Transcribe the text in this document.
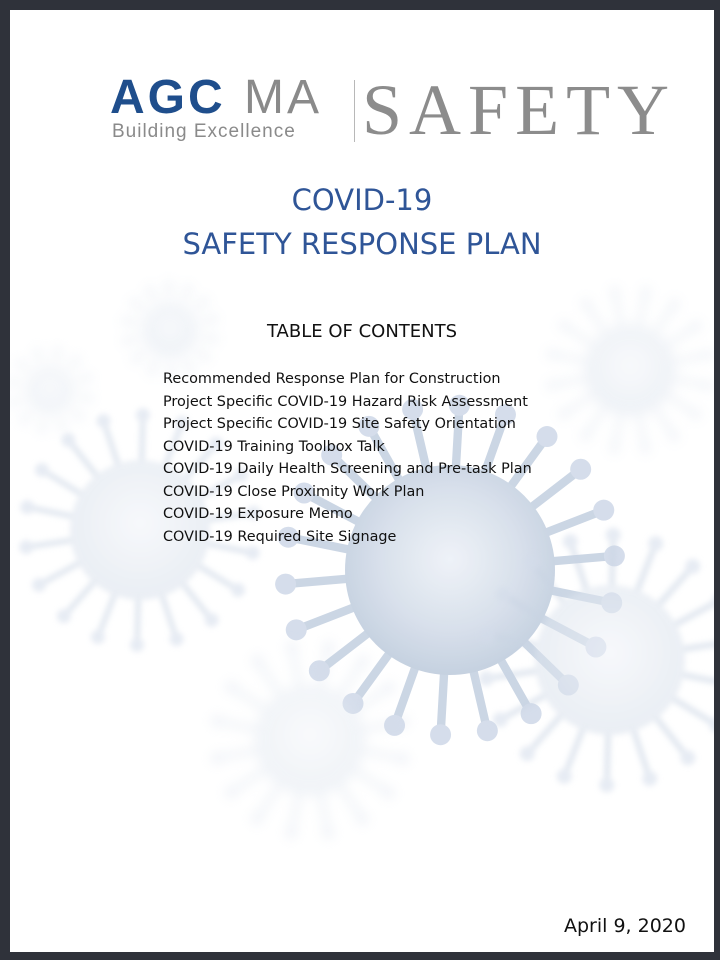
AGC MA
Building Excellence SAFETY
COVID-19
SAFETY RESPONSE PLAN
TABLE OF CONTENTS
Recommended Response Plan for Construction
Project Specific COVID-19 Hazard Risk Assessment
Project Specific COVID-19 Site Safety Orientation
COVID-19 Training Toolbox Talk
COVID-19 Daily Health Screening and Pre-task Plan
COVID-19 Close Proximity Work Plan
COVID-19 Exposure Memo
COVID-19 Required Site Signage
April 9, 2020
